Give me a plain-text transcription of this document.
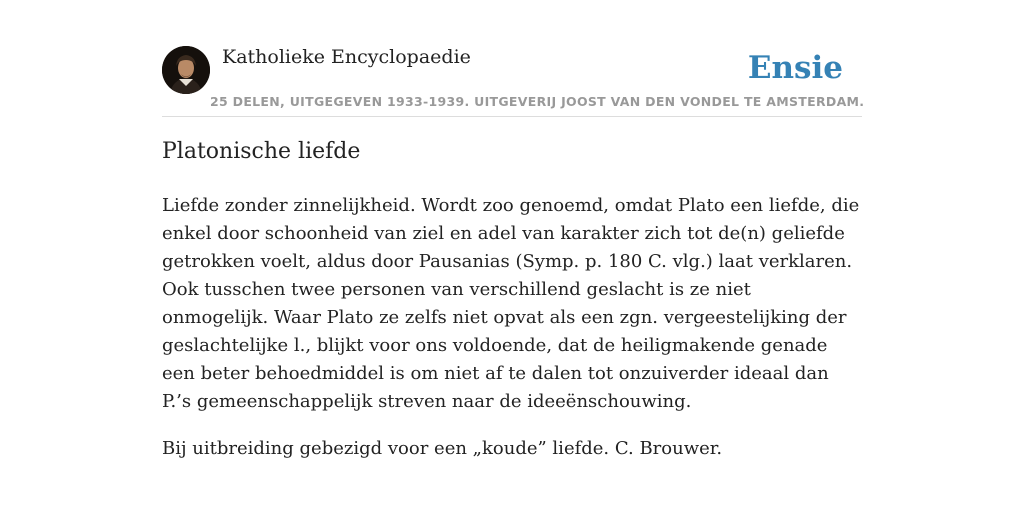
Katholieke Encyclopaedie
25 DELEN, UITGEGEVEN 1933-1939. UITGEVERIJ JOOST VAN DEN VONDEL TE AMSTERDAM.
Ensie
Platonische liefde

Liefde zonder zinnelijkheid. Wordt zoo genoemd, omdat Plato een liefde, die enkel door schoonheid van ziel en adel van karakter zich tot de(n) geliefde getrokken voelt, aldus door Pausanias (Symp. p. 180 C. vlg.) laat verklaren. Ook tusschen twee personen van verschillend geslacht is ze niet onmogelijk. Waar Plato ze zelfs niet opvat als een zgn. vergeestelijking der geslachtelijke l., blijkt voor ons voldoende, dat de heiligmakende genade een beter behoedmiddel is om niet af te dalen tot onzuiverder ideaal dan P.’s gemeenschappelijk streven naar de ideeënschouwing.

Bij uitbreiding gebezigd voor een „koude” liefde. C. Brouwer.
